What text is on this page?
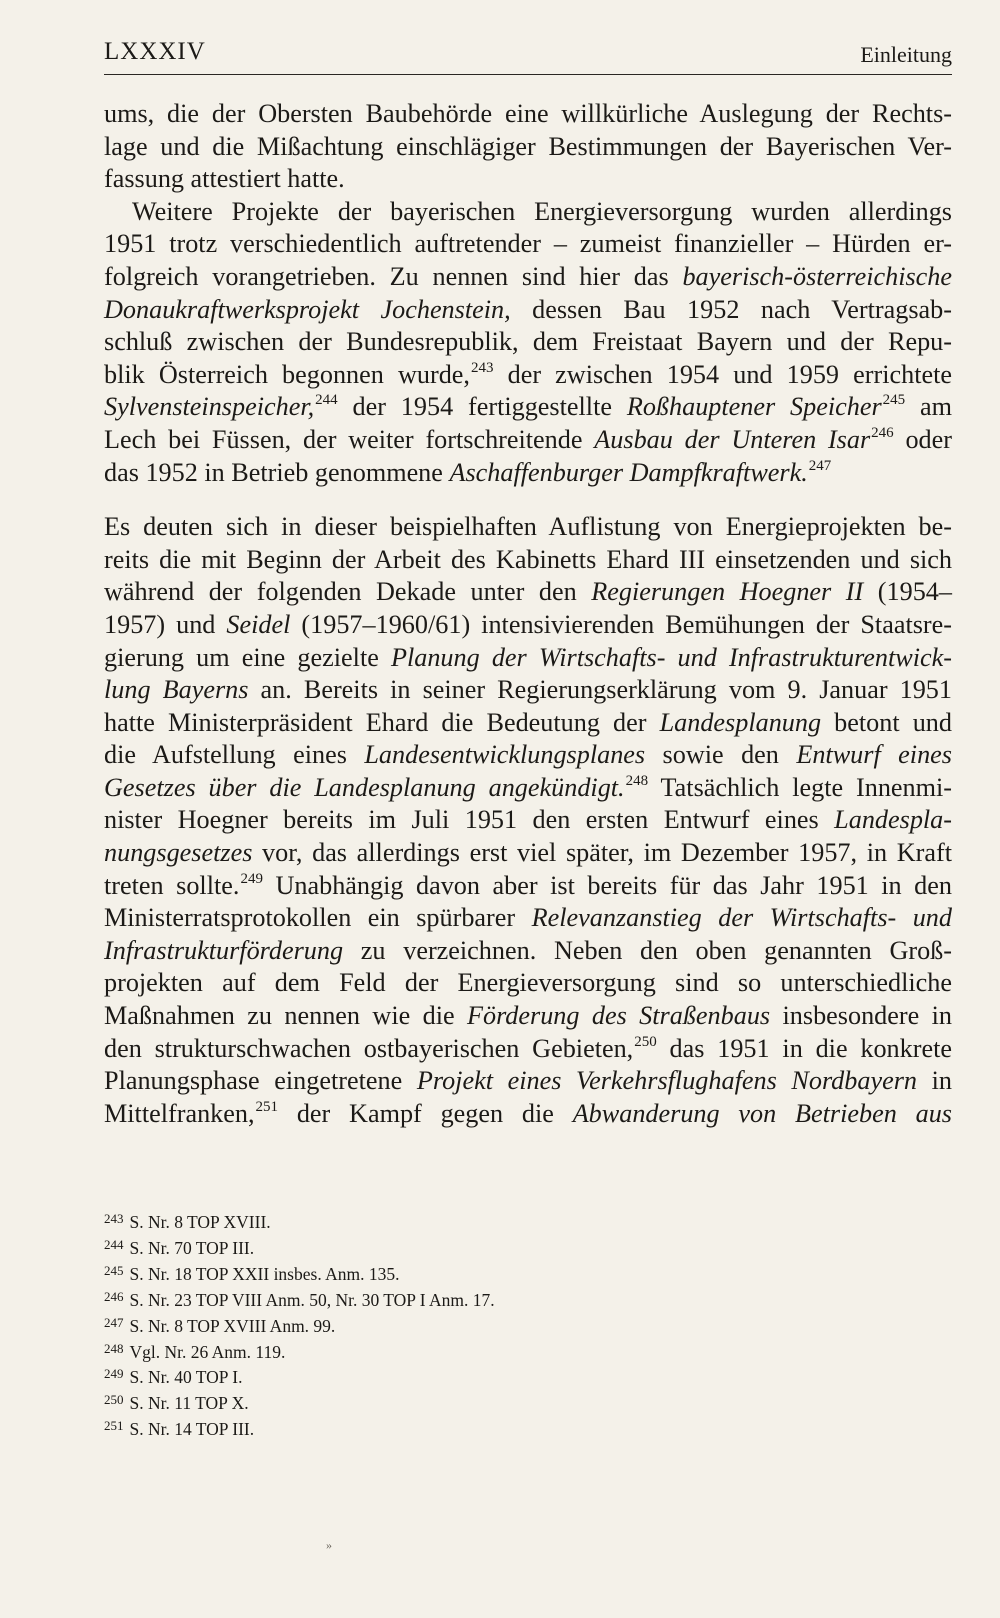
LXXXIV	Einleitung

ums, die der Obersten Baubehörde eine willkürliche Auslegung der Rechts-
lage und die Mißachtung einschlägiger Bestimmungen der Bayerischen Ver-
fassung attestiert hatte.

Weitere Projekte der bayerischen Energieversorgung wurden allerdings
1951 trotz verschiedentlich auftretender – zumeist finanzieller – Hürden er-
folgreich vorangetrieben. Zu nennen sind hier das bayerisch-österreichische
Donaukraftwerksprojekt Jochenstein, dessen Bau 1952 nach Vertragsab-
schluß zwischen der Bundesrepublik, dem Freistaat Bayern und der Repu-
blik Österreich begonnen wurde,$^{243}$ der zwischen 1954 und 1959 errichtete
Sylvensteinspeicher,$^{244}$ der 1954 fertiggestellte Roßhauptener Speicher$^{245}$ am
Lech bei Füssen, der weiter fortschreitende Ausbau der Unteren Isar$^{246}$ oder
das 1952 in Betrieb genommene Aschaffenburger Dampfkraftwerk.$^{247}$

Es deuten sich in dieser beispielhaften Auflistung von Energieprojekten be-
reits die mit Beginn der Arbeit des Kabinetts Ehard III einsetzenden und sich
während der folgenden Dekade unter den Regierungen Hoegner II (1954–
1957) und Seidel (1957–1960/61) intensivierenden Bemühungen der Staatsre-
gierung um eine gezielte Planung der Wirtschafts- und Infrastrukturentwick-
lung Bayerns an. Bereits in seiner Regierungserklärung vom 9. Januar 1951
hatte Ministerpräsident Ehard die Bedeutung der Landesplanung betont und
die Aufstellung eines Landesentwicklungsplanes sowie den Entwurf eines
Gesetzes über die Landesplanung angekündigt.$^{248}$ Tatsächlich legte Innenmi-
nister Hoegner bereits im Juli 1951 den ersten Entwurf eines Landespla-
nungsgesetzes vor, das allerdings erst viel später, im Dezember 1957, in Kraft
treten sollte.$^{249}$ Unabhängig davon aber ist bereits für das Jahr 1951 in den
Ministerratsprotokollen ein spürbarer Relevanzanstieg der Wirtschafts- und
Infrastrukturförderung zu verzeichnen. Neben den oben genannten Groß-
projekten auf dem Feld der Energieversorgung sind so unterschiedliche
Maßnahmen zu nennen wie die Förderung des Straßenbaus insbesondere in
den strukturschwachen ostbayerischen Gebieten,$^{250}$ das 1951 in die konkrete
Planungsphase eingetretene Projekt eines Verkehrsflughafens Nordbayern in
Mittelfranken,$^{251}$ der Kampf gegen die Abwanderung von Betrieben aus

$^{243}$ S. Nr. 8 TOP XVIII.
$^{244}$ S. Nr. 70 TOP III.
$^{245}$ S. Nr. 18 TOP XXII insbes. Anm. 135.
$^{246}$ S. Nr. 23 TOP VIII Anm. 50, Nr. 30 TOP I Anm. 17.
$^{247}$ S. Nr. 8 TOP XVIII Anm. 99.
$^{248}$ Vgl. Nr. 26 Anm. 119.
$^{249}$ S. Nr. 40 TOP I.
$^{250}$ S. Nr. 11 TOP X.
$^{251}$ S. Nr. 14 TOP III.
»
